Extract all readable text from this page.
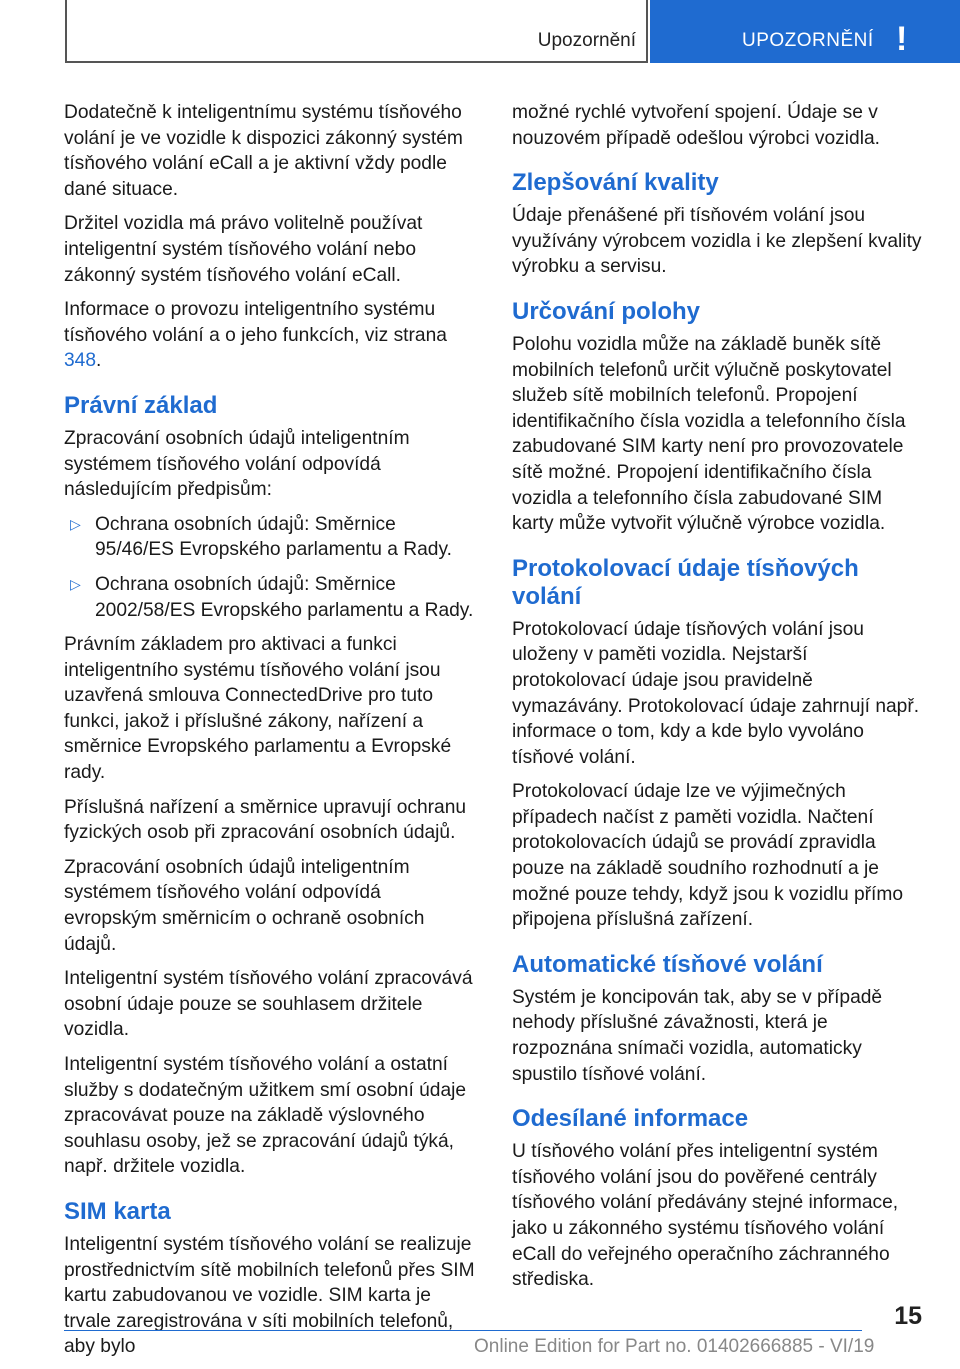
Upozornění	UPOZORNĚNÍ !

Dodatečně k inteligentnímu systému tísňového volání je ve vozidle k dispozici zákonný systém tísňového volání eCall a je aktivní vždy podle dané situace.

Držitel vozidla má právo volitelně používat inteligentní systém tísňového volání nebo zákonný systém tísňového volání eCall.

Informace o provozu inteligentního systému tísňového volání a o jeho funkcích, viz strana 348.

Právní základ

Zpracování osobních údajů inteligentním systémem tísňového volání odpovídá následujícím předpisům:

▷ Ochrana osobních údajů: Směrnice 95/46/ES Evropského parlamentu a Rady.
▷ Ochrana osobních údajů: Směrnice 2002/58/ES Evropského parlamentu a Rady.

Právním základem pro aktivaci a funkci inteligentního systému tísňového volání jsou uzavřená smlouva ConnectedDrive pro tuto funkci, jakož i příslušné zákony, nařízení a směrnice Evropského parlamentu a Evropské rady.

Příslušná nařízení a směrnice upravují ochranu fyzických osob při zpracování osobních údajů.

Zpracování osobních údajů inteligentním systémem tísňového volání odpovídá evropským směrnicím o ochraně osobních údajů.

Inteligentní systém tísňového volání zpracovává osobní údaje pouze se souhlasem držitele vozidla.

Inteligentní systém tísňového volání a ostatní služby s dodatečným užitkem smí osobní údaje zpracovávat pouze na základě výslovného souhlasu osoby, jež se zpracování údajů týká, např. držitele vozidla.

SIM karta

Inteligentní systém tísňového volání se realizuje prostřednictvím sítě mobilních telefonů přes SIM kartu zabudovanou ve vozidle. SIM karta je trvale zaregistrována v síti mobilních telefonů, aby bylo

možné rychlé vytvoření spojení. Údaje se v nouzovém případě odešlou výrobci vozidla.

Zlepšování kvality

Údaje přenášené při tísňovém volání jsou využívány výrobcem vozidla i ke zlepšení kvality výrobku a servisu.

Určování polohy

Polohu vozidla může na základě buněk sítě mobilních telefonů určit výlučně poskytovatel služeb sítě mobilních telefonů. Propojení identifikačního čísla vozidla a telefonního čísla zabudované SIM karty není pro provozovatele sítě možné. Propojení identifikačního čísla vozidla a telefonního čísla zabudované SIM karty může vytvořit výlučně výrobce vozidla.

Protokolovací údaje tísňových volání

Protokolovací údaje tísňových volání jsou uloženy v paměti vozidla. Nejstarší protokolovací údaje jsou pravidelně vymazávány. Protokolovací údaje zahrnují např. informace o tom, kdy a kde bylo vyvoláno tísňové volání.

Protokolovací údaje lze ve výjimečných případech načíst z paměti vozidla. Načtení protokolovacích údajů se provádí zpravidla pouze na základě soudního rozhodnutí a je možné pouze tehdy, když jsou k vozidlu přímo připojena příslušná zařízení.

Automatické tísňové volání

Systém je koncipován tak, aby se v případě nehody příslušné závažnosti, která je rozpoznána snímači vozidla, automaticky spustilo tísňové volání.

Odesílané informace

U tísňového volání přes inteligentní systém tísňového volání jsou do pověřené centrály tísňového volání předávány stejné informace, jako u zákonného systému tísňového volání eCall do veřejného operačního záchranného střediska.

15
Online Edition for Part no. 01402666885 - VI/19
